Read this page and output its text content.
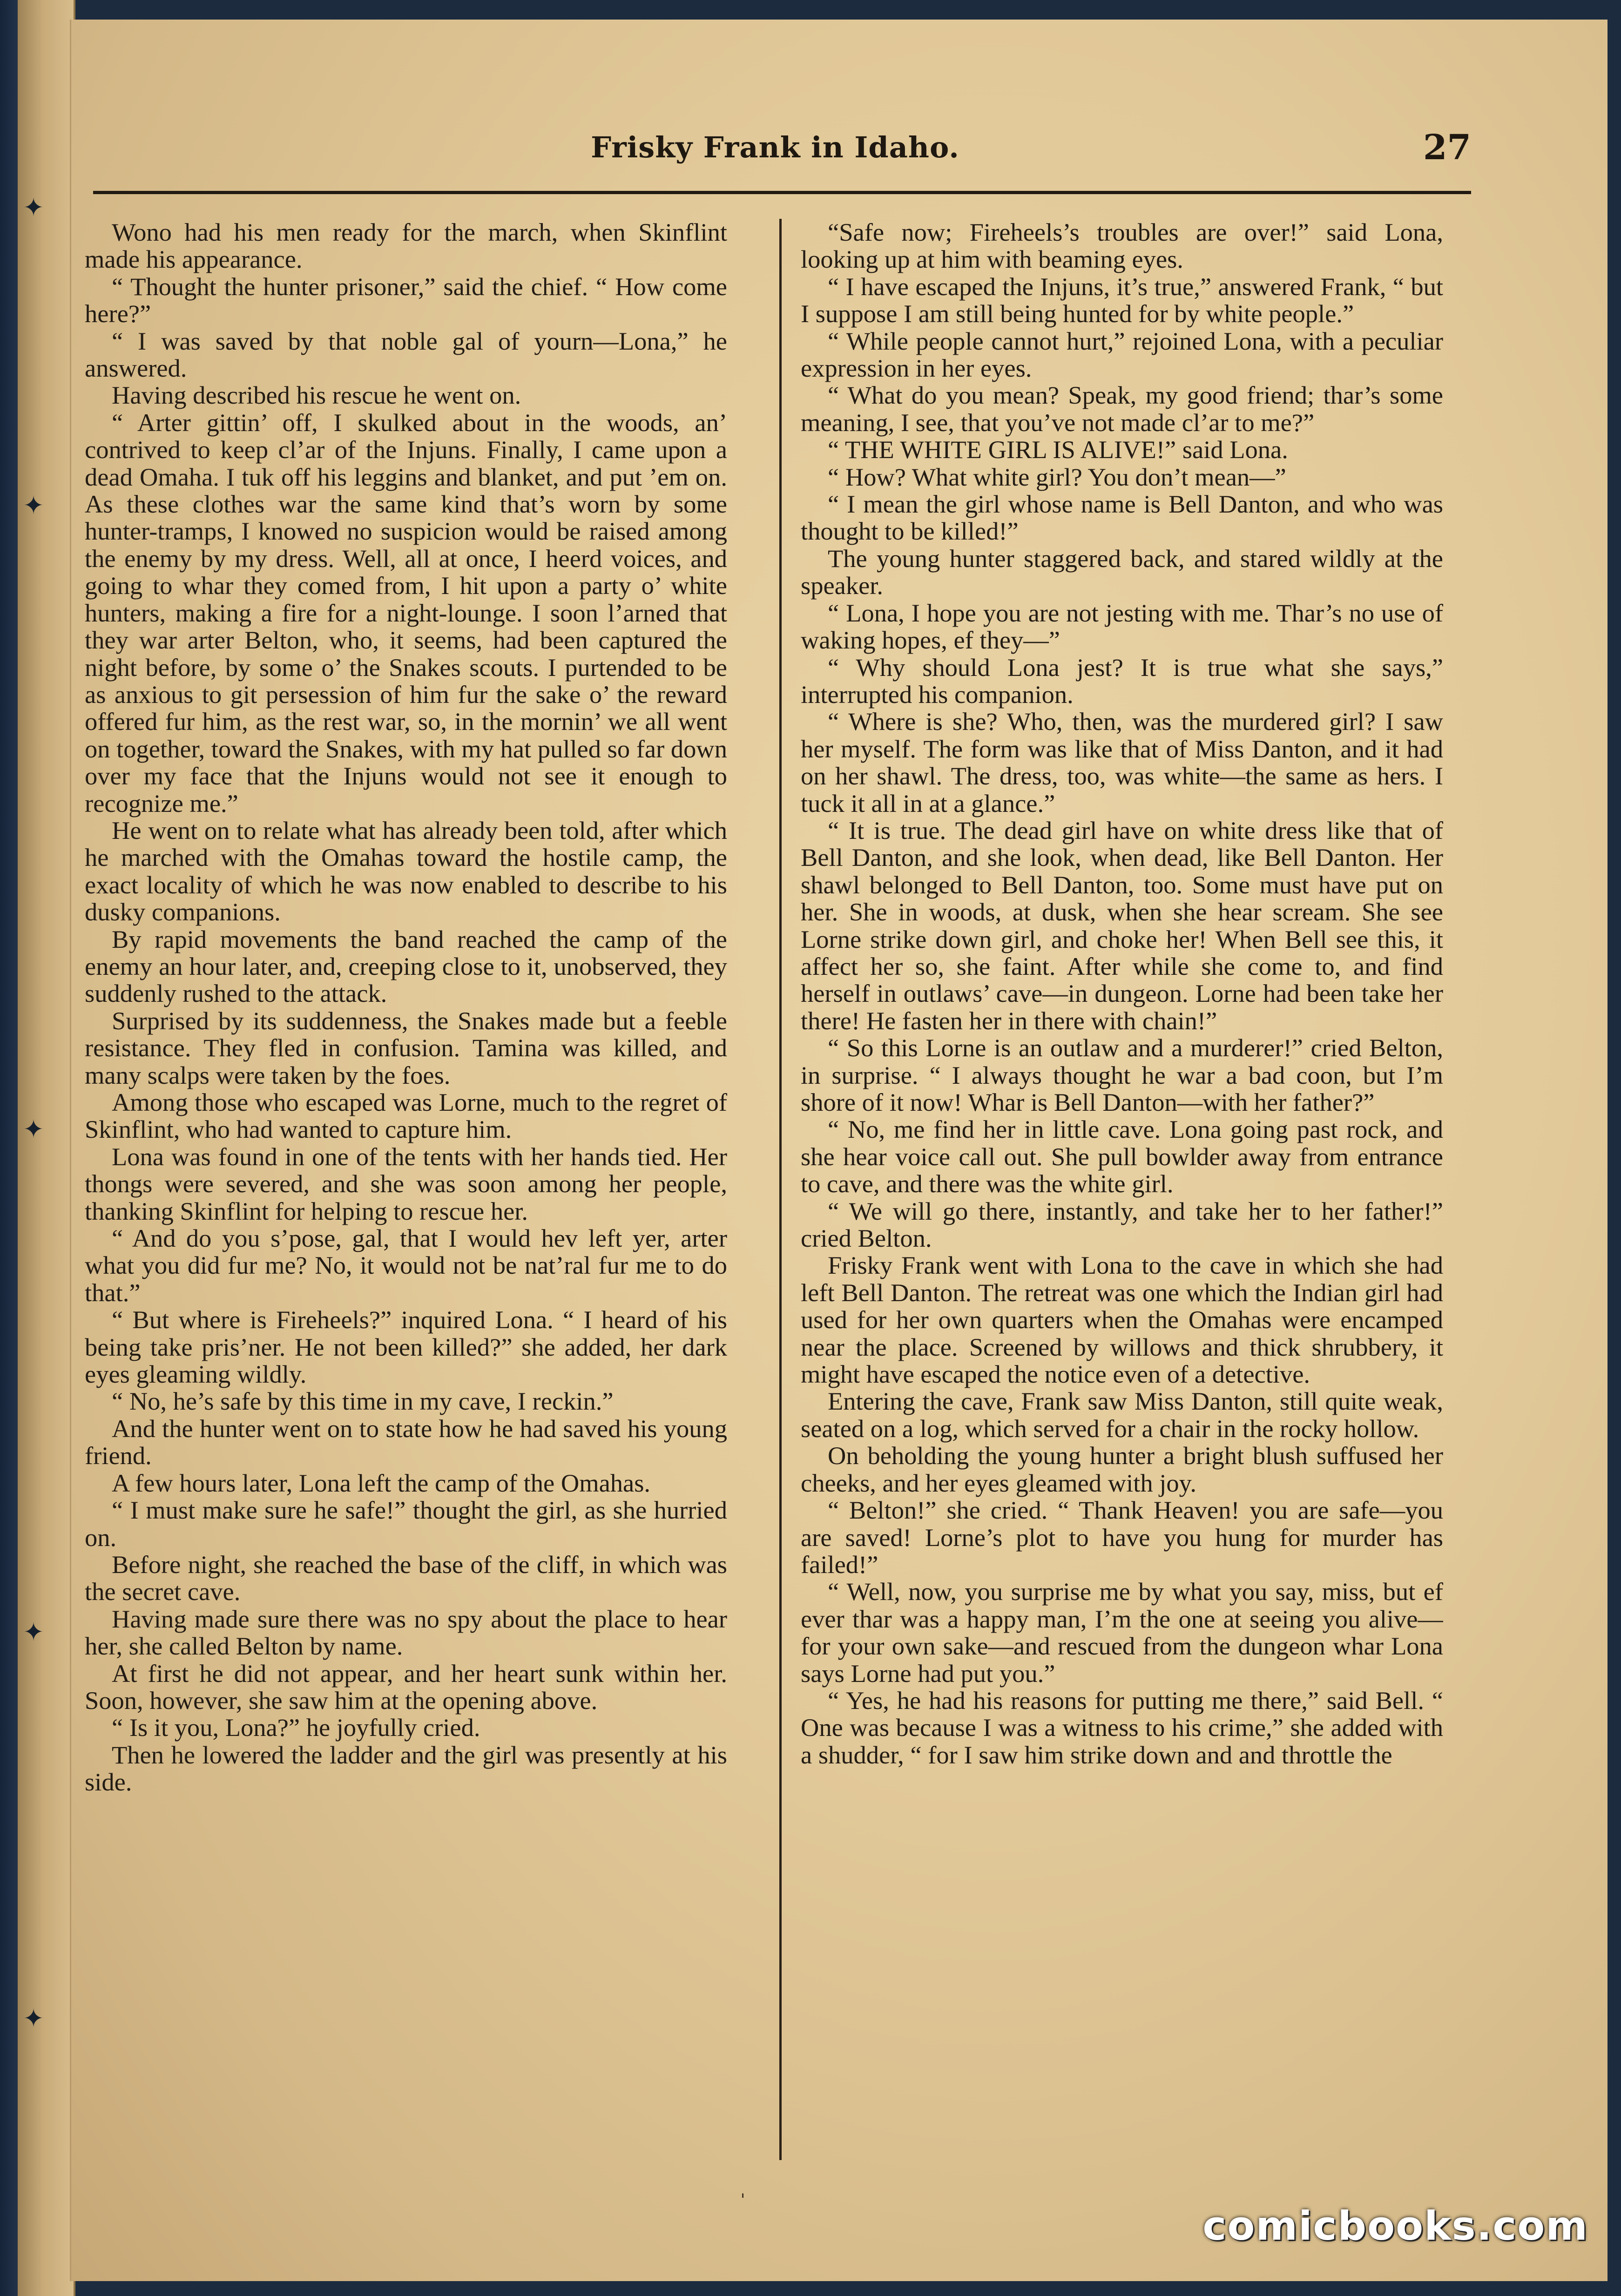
✦
✦
✦
✦
✦
Frisky Frank in Idaho.	27

Wono had his men ready for the march, when Skinflint made his appearance.

“ Thought the hunter prisoner,” said the chief. “ How come here?”

“ I was saved by that noble gal of yourn—Lona,” he answered.

Having described his rescue he went on.

“ Arter gittin’ off, I skulked about in the woods, an’ contrived to keep cl’ar of the Injuns. Finally, I came upon a dead Omaha. I tuk off his leggins and blanket, and put ’em on. As these clothes war the same kind that’s worn by some hunter-tramps, I knowed no suspicion would be raised among the enemy by my dress. Well, all at once, I heerd voices, and going to whar they comed from, I hit upon a party o’ white hunters, making a fire for a night-lounge. I soon l’arned that they war arter Belton, who, it seems, had been captured the night before, by some o’ the Snakes scouts. I purtended to be as anxious to git persession of him fur the sake o’ the reward offered fur him, as the rest war, so, in the mornin’ we all went on together, toward the Snakes, with my hat pulled so far down over my face that the Injuns would not see it enough to recognize me.”

He went on to relate what has already been told, after which he marched with the Omahas toward the hostile camp, the exact locality of which he was now enabled to describe to his dusky companions.

By rapid movements the band reached the camp of the enemy an hour later, and, creeping close to it, unobserved, they suddenly rushed to the attack.

Surprised by its suddenness, the Snakes made but a feeble resistance. They fled in confusion. Tamina was killed, and many scalps were taken by the foes.

Among those who escaped was Lorne, much to the regret of Skinflint, who had wanted to capture him.

Lona was found in one of the tents with her hands tied. Her thongs were severed, and she was soon among her people, thanking Skinflint for helping to rescue her.

“ And do you s’pose, gal, that I would hev left yer, arter what you did fur me? No, it would not be nat’ral fur me to do that.”

“ But where is Fireheels?” inquired Lona. “ I heard of his being take pris’ner. He not been killed?” she added, her dark eyes gleaming wildly.

“ No, he’s safe by this time in my cave, I reckin.”

And the hunter went on to state how he had saved his young friend.

A few hours later, Lona left the camp of the Omahas.

“ I must make sure he safe!” thought the girl, as she hurried on.

Before night, she reached the base of the cliff, in which was the secret cave.

Having made sure there was no spy about the place to hear her, she called Belton by name.

At first he did not appear, and her heart sunk within her. Soon, however, she saw him at the opening above.

“ Is it you, Lona?” he joyfully cried.

Then he lowered the ladder and the girl was presently at his side.

“Safe now; Fireheels’s troubles are over!” said Lona, looking up at him with beaming eyes.

“ I have escaped the Injuns, it’s true,” answered Frank, “ but I suppose I am still being hunted for by white people.”

“ While people cannot hurt,” rejoined Lona, with a peculiar expression in her eyes.

“ What do you mean? Speak, my good friend; thar’s some meaning, I see, that you’ve not made cl’ar to me?”

“ THE WHITE GIRL IS ALIVE!” said Lona.

“ How? What white girl? You don’t mean—”

“ I mean the girl whose name is Bell Danton, and who was thought to be killed!”

The young hunter staggered back, and stared wildly at the speaker.

“ Lona, I hope you are not jesting with me. Thar’s no use of waking hopes, ef they—”

“ Why should Lona jest? It is true what she says,” interrupted his companion.

“ Where is she? Who, then, was the murdered girl? I saw her myself. The form was like that of Miss Danton, and it had on her shawl. The dress, too, was white—the same as hers. I tuck it all in at a glance.”

“ It is true. The dead girl have on white dress like that of Bell Danton, and she look, when dead, like Bell Danton. Her shawl belonged to Bell Danton, too. Some must have put on her. She in woods, at dusk, when she hear scream. She see Lorne strike down girl, and choke her! When Bell see this, it affect her so, she faint. After while she come to, and find herself in outlaws’ cave—in dungeon. Lorne had been take her there! He fasten her in there with chain!”

“ So this Lorne is an outlaw and a murderer!” cried Belton, in surprise. “ I always thought he war a bad coon, but I’m shore of it now! Whar is Bell Danton—with her father?”

“ No, me find her in little cave. Lona going past rock, and she hear voice call out. She pull bowlder away from entrance to cave, and there was the white girl.

“ We will go there, instantly, and take her to her father!” cried Belton.

Frisky Frank went with Lona to the cave in which she had left Bell Danton. The retreat was one which the Indian girl had used for her own quarters when the Omahas were encamped near the place. Screened by willows and thick shrubbery, it might have escaped the notice even of a detective.

Entering the cave, Frank saw Miss Danton, still quite weak, seated on a log, which served for a chair in the rocky hollow.

On beholding the young hunter a bright blush suffused her cheeks, and her eyes gleamed with joy.

“ Belton!” she cried. “ Thank Heaven! you are safe—you are saved! Lorne’s plot to have you hung for murder has failed!”

“ Well, now, you surprise me by what you say, miss, but ef ever thar was a happy man, I’m the one at seeing you alive—for your own sake—and rescued from the dungeon whar Lona says Lorne had put you.”

“ Yes, he had his reasons for putting me there,” said Bell. “ One was because I was a witness to his crime,” she added with a shudder, “ for I saw him strike down and and throttle the

ˌ
comicbooks.com
